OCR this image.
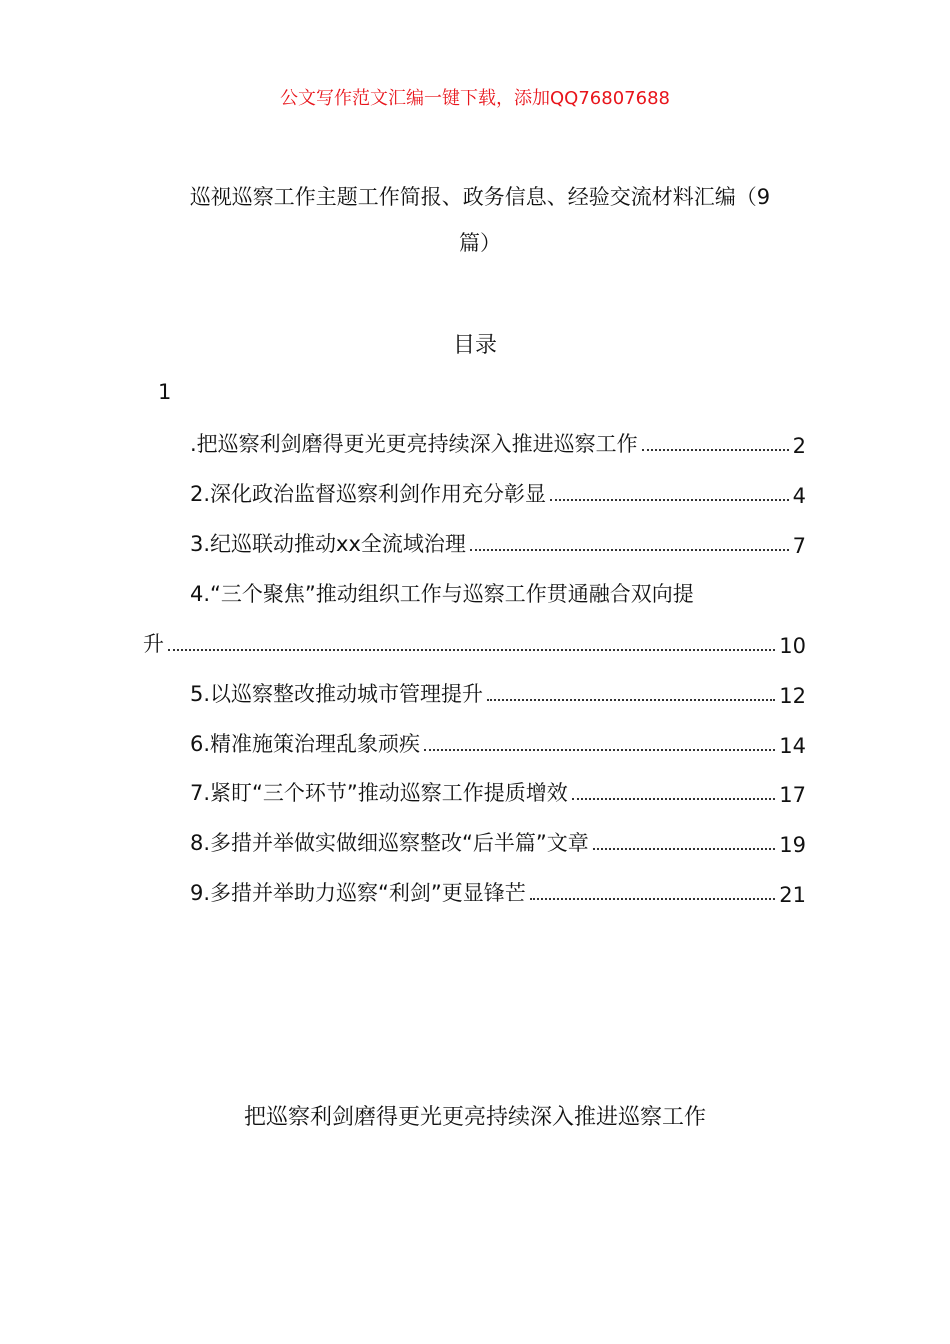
公文写作范文汇编一键下载，添加QQ76807688
巡视巡察工作主题工作简报、政务信息、经验交流材料汇编（9
篇）
目录
1
.把巡察利剑磨得更光更亮持续深入推进巡察工作	2
2.深化政治监督巡察利剑作用充分彰显	4
3.纪巡联动推动xx全流域治理	7
4.“三个聚焦”推动组织工作与巡察工作贯通融合双向提
升	10
5.以巡察整改推动城市管理提升	12
6.精准施策治理乱象顽疾	14
7.紧盯“三个环节”推动巡察工作提质增效	17
8.多措并举做实做细巡察整改“后半篇”文章	19
9.多措并举助力巡察“利剑”更显锋芒	21
把巡察利剑磨得更光更亮持续深入推进巡察工作
